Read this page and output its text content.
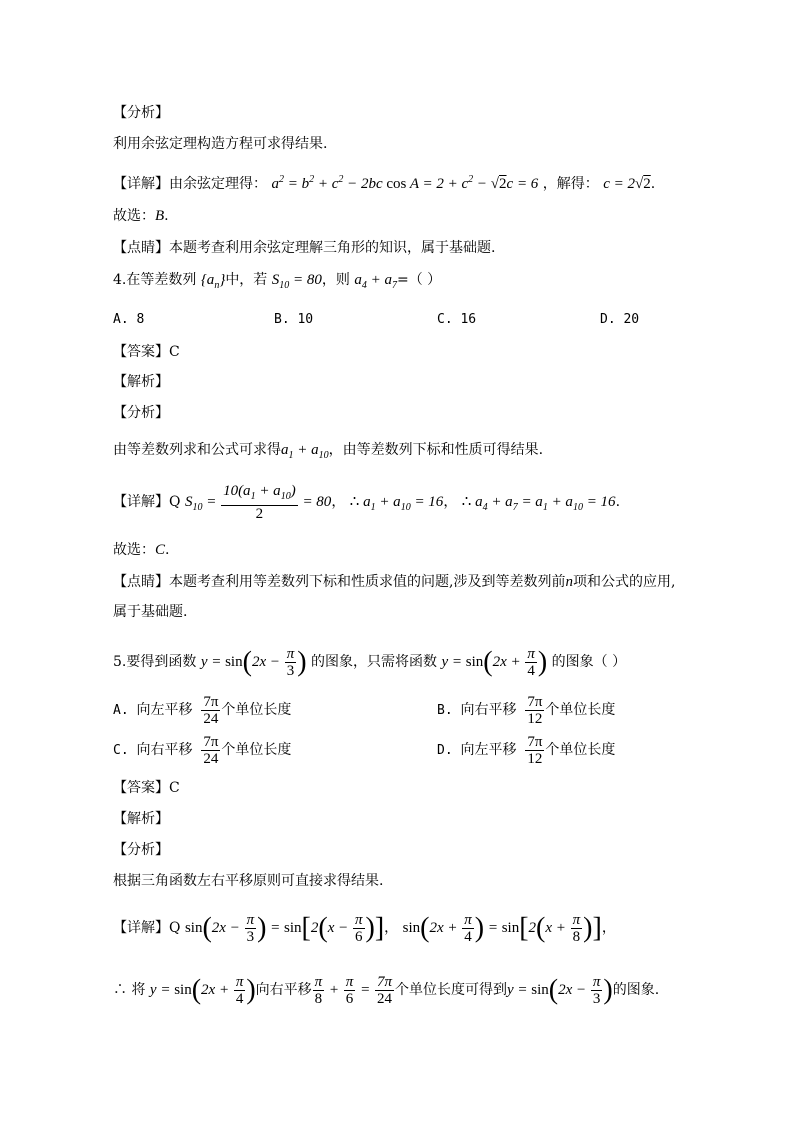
【分析】
利用余弦定理构造方程可求得结果.
【详解】由余弦定理得： $a^2 = b^2 + c^2 - 2bc$ $\cos A = 2 + c^2 - √2c = 6$ ，解得： c = 2√2.
故选：B.
【点睛】本题考查利用余弦定理解三角形的知识，属于基础题.
4.在等差数列 $\{a_n\}$中，若 $S_{10} = 80$，则 $a_4 + a_7=$（ ）
A. 8	B. 10	C. 16	D. 20
【答案】C
【解析】
【分析】
由等差数列求和公式可求得$a_1 + a_{10}$，由等差数列下标和性质可得结果.
【详解】Q $S_{10} = \frac{10(a_1 + a_{10})}{2} = 80$， ∴ $a_1 + a_{10} = 16$， ∴ $a_4 + a_7 = a_1 + a_{10} = 16$.
故选：C.
【点睛】本题考查利用等差数列下标和性质求值的问题,涉及到等差数列前n项和公式的应用,
属于基础题.
5.要得到函数 $y = \sin(2x - \frac{\pi}{3}$ ) 的图象，只需将函数 $y = \sin(2x + \frac{\pi}{4}$ ) 的图象（ ）
A. 向左平移 $\frac{7\pi}{24}$ 个单位长度	B. 向右平移 $\frac{7\pi}{12}$ 个单位长度
C. 向右平移 $\frac{7\pi}{24}$ 个单位长度	D. 向左平移 $\frac{7\pi}{12}$ 个单位长度
【答案】C
【解析】
【分析】
根据三角函数左右平移原则可直接求得结果.
【详解】Q $\sin(2x - \frac{\pi}{3}$ ) = $\sin[2(x - \frac{\pi}{6}$ )]， $\sin(2x + \frac{\pi}{4}$ ) = $\sin[2(x + \frac{\pi}{8}$ )]，
∴ 将 $y = \sin(2x + \frac{\pi}{4}$ )向右平移 $\frac{\pi}{8} + \frac{\pi}{6} = \frac{7\pi}{24}$ 个单位长度可得到$y = \sin(2x - \frac{\pi}{3}$ )的图象.
